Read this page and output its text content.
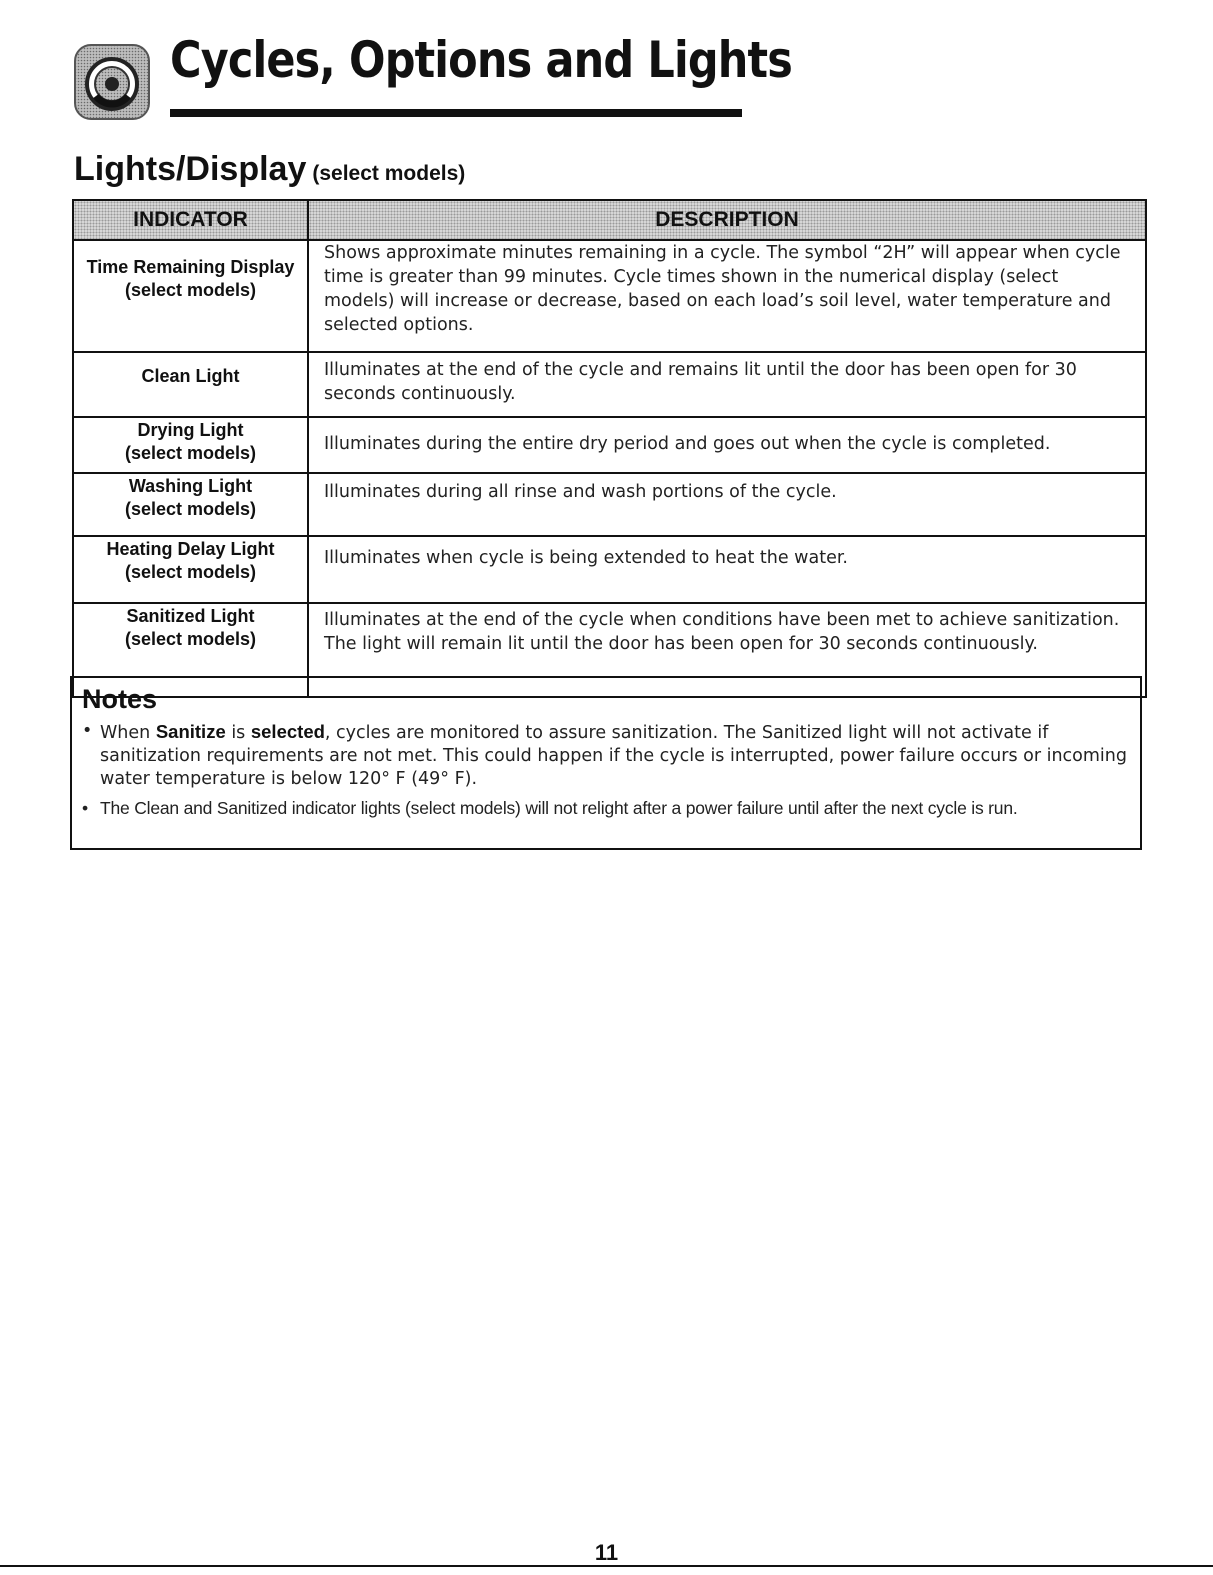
Cycles, Options and Lights
Lights/Display (select models)
INDICATOR	DESCRIPTION

Time Remaining Display
(select models)	Shows approximate minutes remaining in a cycle. The symbol “2H” will appear when cycle time is greater than 99 minutes. Cycle times shown in the numerical display (select models) will increase or decrease, based on each load’s soil level, water temperature and selected options.

Clean Light	Illuminates at the end of the cycle and remains lit until the door has been open for 30 seconds continuously.

Drying Light
(select models)	Illuminates during the entire dry period and goes out when the cycle is completed.

Washing Light
(select models)	Illuminates during all rinse and wash portions of the cycle.

Heating Delay Light
(select models)	Illuminates when cycle is being extended to heat the water.

Sanitized Light
(select models)	Illuminates at the end of the cycle when conditions have been met to achieve sanitization. The light will remain lit until the door has been open for 30 seconds continuously.
Notes
• When Sanitize is selected, cycles are monitored to assure sanitization. The Sanitized light will not activate if sanitization requirements are not met. This could happen if the cycle is interrupted, power failure occurs or incoming water temperature is below 120° F (49° F).
• The Clean and Sanitized indicator lights (select models) will not relight after a power failure until after the next cycle is run.
11
